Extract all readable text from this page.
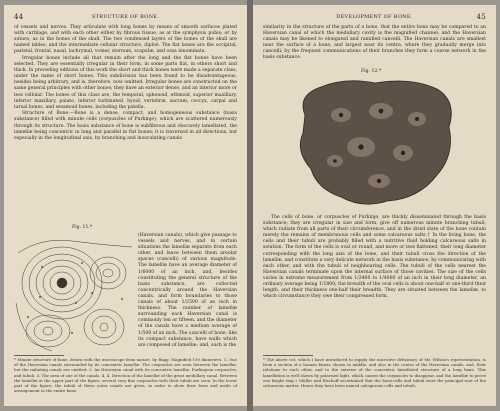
44	STRUCTURE OF BONE.

of vessels and nerves. They articulate with long bones by means of smooth surfaces plated with cartilage, and with each other either by fibrous tissue, as at the symphysis pubis; or by suture, as in the bones of the skull. The two condensed layers of the bones of the skull are named tables; and the intermediate cellular structure, diploë. The flat bones are the occipital, parietal, frontal, nasal, lachrymal, vomer, sternum, scapulæ, and ossa innominata.

Irregular bones include all that remain after the long and the flat bones have been selected. They are essentially irregular in their form, in some parts flat, in others short and thick. In preceding editions of this work the short and thick bones were made a separate class, under the name of short bones. This subdivision has been found to be disadvantageous, besides being arbitrary, and is, therefore, now omitted. Irregular bones are constructed on the same general principles with other bones; they have an exterior dense, and an interior more or less cellular. The bones of this class are, the temporal, sphenoid, ethmoid, superior maxillary, inferior maxillary, palate, inferior turbinated, hyoid, vertebræ, sacrum, coccyx, carpal and tarsal bones, and sesamoid bones, including the patella.

Structure of Bone.—Bone is a dense, compact, and homogeneous substance (basis substance) filled with minute cells (corpuscles of Purkinje), which are scattered numerously through its structure. The basis substance of bone is subfibrous and obscurely lamellated, the lamellæ being concentric in long and parallel in flat bones; it is traversed in all directions, but especially in the longitudinal axis, by branching and inosculating canals

Fig. 11.*
(Haversian canals), which give passage to vessels and nerves, and in certain situations the lamellæ separate from each other, and leave between them areolar spaces (cancelli) of various magnitude. The lamellæ have an average diameter of 1/6000 of an inch, and, besides constituting the general structure of the basis substance, are collected concentrically around the Haversian canals, and form boundaries to those canals of about 1/2500 of an inch in thickness. The number of lamellæ surrounding each Haversian canal is commonly ten or fifteen, and the diameter of the canals have a medium average of 1/500 of an inch. The cancelli of bone, like its compact substance, have walls which are composed of lamellæ; and, such is the
* Minute structure of bone, drawn with the microscope from nature, by Bagg. Magnified 150 diameters. 1. One of the Haversian canals surrounded by its concentric lamellæ. The corpuscles are seen between the lamellæ; but the radiating canals are omitted. 2. An Haversian canal with its concentric lamellæ, Purkinjean corpuscles, and tubuli. 3. The area of one of the canals. 4, 4. Direction of the lamellæ of the great medullary canal. Between the lamellæ at the upper part of the figure, several very fine corpuscles with their tubuli are seen. In the lower part of the figure, the tubuli of these outer canals are given, in order to show their form and mode of arrangement in the entire bone.
DEVELOPMENT OF BONE.	45

similarity in the structure of the parts of a bone, that the entire bone may be compared to an Haversian canal of which the medullary cavity is the magnified channel; and the Haversian canals may be likened to elongated and ramified cancelli. The Haversian canals are smallest near the surface of a bone, and largest near its centre, where they gradually merge into cancelli; by the frequent communications of their branches they form a coarse network in the basis substance.

Fig. 12.*

The cells of bone, or corpuscles of Purkinje, are thickly disseminated through the basis substance; they are irregular in size and form, give off numerous minute branching tubuli, which radiate from all parts of their circumference, and in the dried state of the bone contain merely the remains of membranous cells and some calcareous salts.† In the living bone, the cells and their tubuli are probably filled with a nutritive fluid holding calcareous salts in solution. The form of the cells is oval or round, and more or less flattened, their long diameter corresponding with the long axis of the bone, and their tubuli cross the direction of the lamellæ, and constitute a very delicate network in the basis substance, by communicating with each other, and with the tubuli of neighbouring cells. The tubuli of the cells nearest the Haversian canals terminate upon the internal surface of those cavities. The size of the cells varies in extreme measurement from 1/2400 to 1/4000 of an inch in their long diameter, an ordinary average being 1/1800; the breadth of the oval cells is about one-half or one-third their length, and their thickness one-half their breadth. They are situated between the lamellæ, to which circumstance they owe their compressed form.

* The above cut, which I have introduced to supply the microtive deficiency of Mr. Wilson's representation, is from a section of a human femur, shown in middle, and also in the centre of the Haversian canals, and, their relations to each other, and to the exterior of the concentric lamellated structure of a long bone. This lamellation is well shown by polarised light, which causes the corpuscles to disappear, and the lamellæ to prove one bright ring.† Müller and Bischoff ascertained that the bone-cells and tubuli were the principal seat of the calcareous matter. Hence they have been named calcigerous cells and tubuli.
